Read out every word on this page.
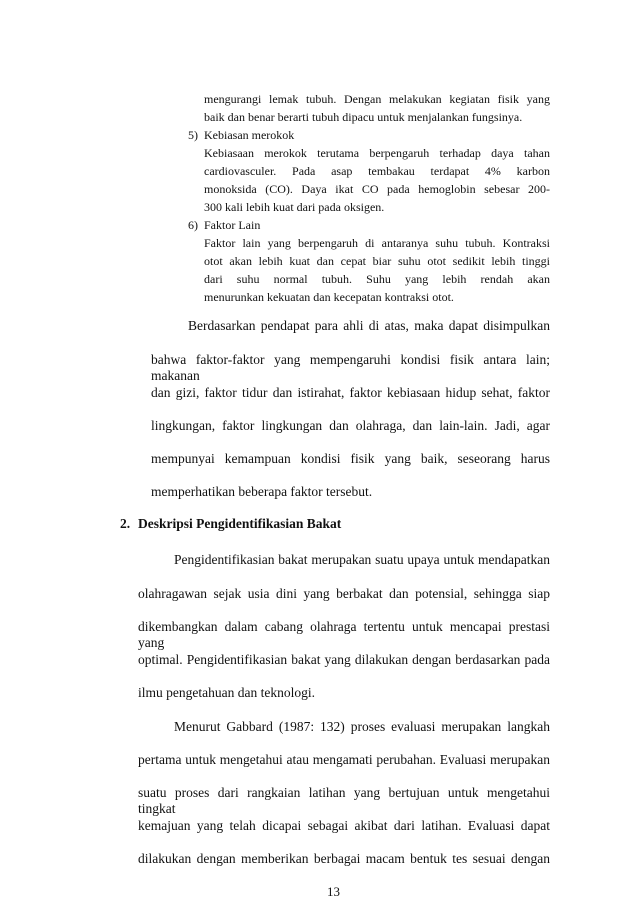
mengurangi lemak tubuh. Dengan melakukan kegiatan fisik yang
baik dan benar berarti tubuh dipacu untuk menjalankan fungsinya.
5) Kebiasan merokok
Kebiasaan merokok terutama berpengaruh terhadap daya tahan
cardiovasculer. Pada asap tembakau terdapat 4% karbon
monoksida (CO). Daya ikat CO pada hemoglobin sebesar 200-
300 kali lebih kuat dari pada oksigen.
6) Faktor Lain
Faktor lain yang berpengaruh di antaranya suhu tubuh. Kontraksi
otot akan lebih kuat dan cepat biar suhu otot sedikit lebih tinggi
dari suhu normal tubuh. Suhu yang lebih rendah akan
menurunkan kekuatan dan kecepatan kontraksi otot.
Berdasarkan pendapat para ahli di atas, maka dapat disimpulkan
bahwa faktor-faktor yang mempengaruhi kondisi fisik antara lain; makanan
dan gizi, faktor tidur dan istirahat, faktor kebiasaan hidup sehat, faktor
lingkungan, faktor lingkungan dan olahraga, dan lain-lain. Jadi, agar
mempunyai kemampuan kondisi fisik yang baik, seseorang harus
memperhatikan beberapa faktor tersebut.
2. Deskripsi Pengidentifikasian Bakat
Pengidentifikasian bakat merupakan suatu upaya untuk mendapatkan
olahragawan sejak usia dini yang berbakat dan potensial, sehingga siap
dikembangkan dalam cabang olahraga tertentu untuk mencapai prestasi yang
optimal. Pengidentifikasian bakat yang dilakukan dengan berdasarkan pada
ilmu pengetahuan dan teknologi.
Menurut Gabbard (1987: 132) proses evaluasi merupakan langkah
pertama untuk mengetahui atau mengamati perubahan. Evaluasi merupakan
suatu proses dari rangkaian latihan yang bertujuan untuk mengetahui tingkat
kemajuan yang telah dicapai sebagai akibat dari latihan. Evaluasi dapat
dilakukan dengan memberikan berbagai macam bentuk tes sesuai dengan
13
